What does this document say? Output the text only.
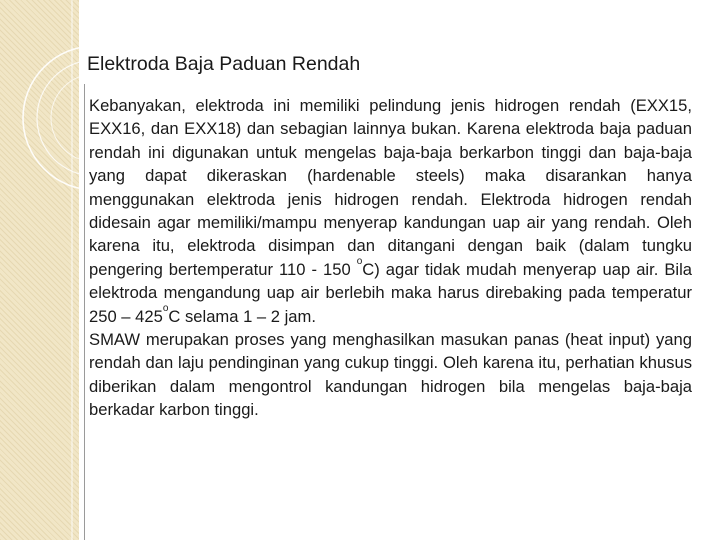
Elektroda Baja Paduan Rendah

Kebanyakan, elektroda ini memiliki pelindung jenis hidrogen rendah (EXX15, EXX16, dan EXX18) dan sebagian lainnya bukan. Karena elektroda baja paduan rendah ini digunakan untuk mengelas baja-baja berkarbon tinggi dan baja-baja yang dapat dikeraskan (hardenable steels) maka disarankan hanya menggunakan elektroda jenis hidrogen rendah. Elektroda hidrogen rendah didesain agar memiliki/mampu menyerap kandungan uap air yang rendah. Oleh karena itu, elektroda disimpan dan ditangani dengan baik (dalam tungku pengering bertemperatur 110 - 150 $^o$C) agar tidak mudah menyerap uap air. Bila elektroda mengandung uap air berlebih maka harus direbaking pada temperatur 250 – 425$^o$C selama 1 – 2 jam.

SMAW merupakan proses yang menghasilkan masukan panas (heat input) yang rendah dan laju pendinginan yang cukup tinggi. Oleh karena itu, perhatian khusus diberikan dalam mengontrol kandungan hidrogen bila mengelas baja-baja berkadar karbon tinggi.
